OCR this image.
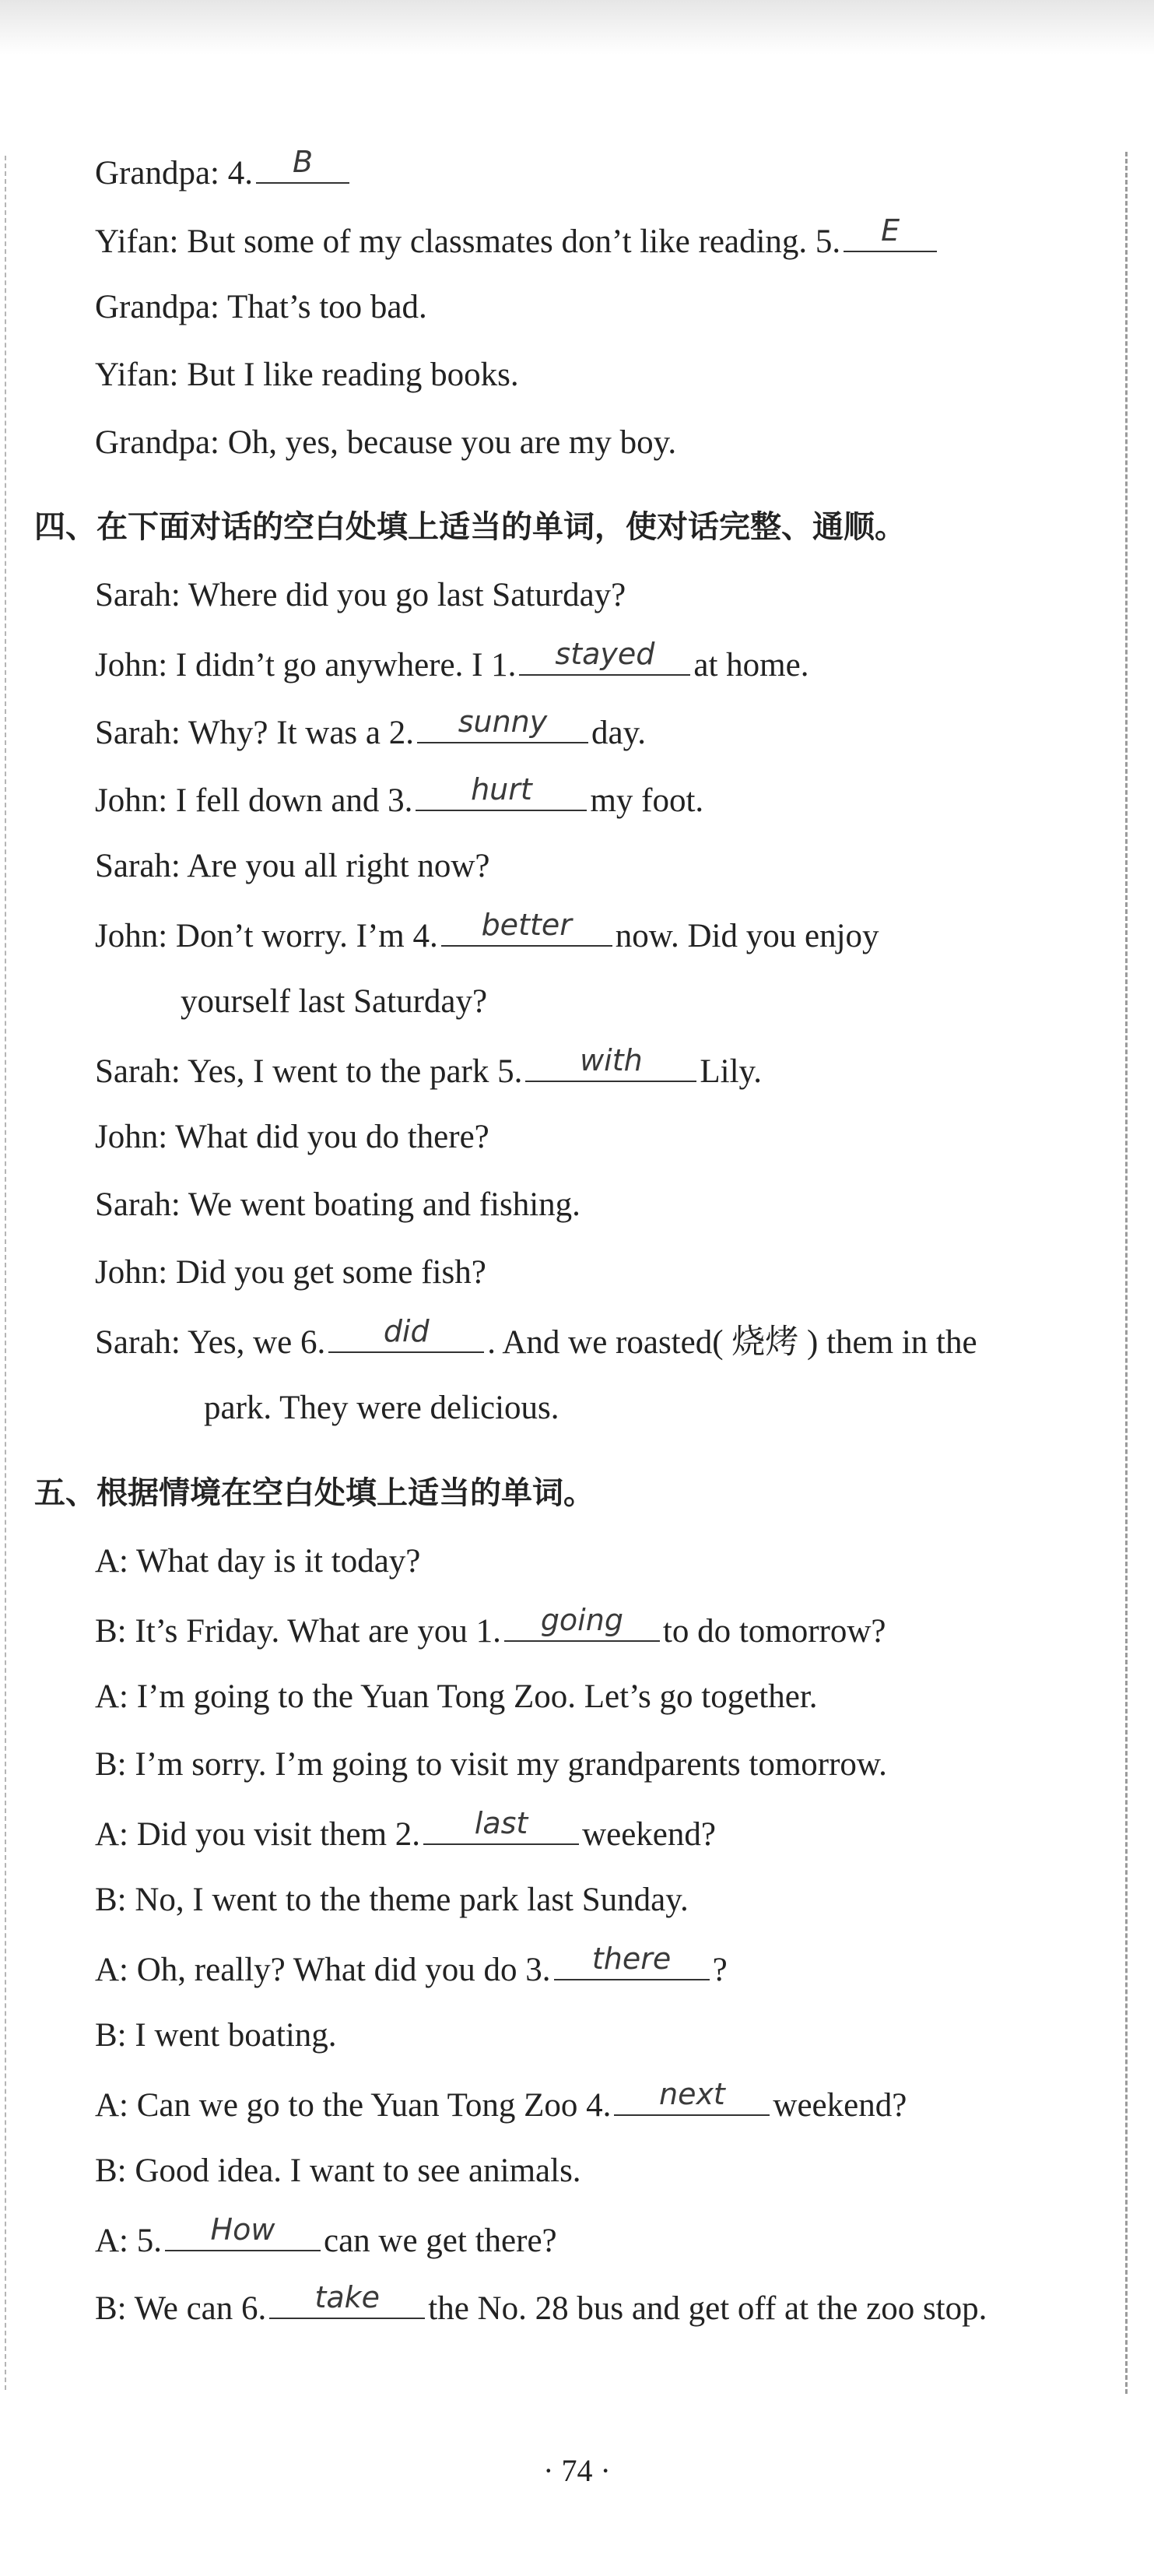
Grandpa: 4.	B
Yifan: But some of my classmates don’t like reading. 5.	E
Grandpa: That’s too bad.
Yifan: But I like reading books.
Grandpa: Oh, yes, because you are my boy.
四、在下面对话的空白处填上适当的单词，使对话完整、通顺。
Sarah: Where did you go last Saturday?
John: I didn’t go anywhere. I 1.	stayed	at home.
Sarah: Why? It was a 2.	sunny	day.
John: I fell down and 3.	hurt	my foot.
Sarah: Are you all right now?
John: Don’t worry. I’m 4.	better	now. Did you enjoy
yourself last Saturday?
Sarah: Yes, I went to the park 5.	with	Lily.
John: What did you do there?
Sarah: We went boating and fishing.
John: Did you get some fish?
Sarah: Yes, we 6.	did	. And we roasted( 烧烤 ) them in the
park. They were delicious.
五、根据情境在空白处填上适当的单词。
A: What day is it today?
B: It’s Friday. What are you 1.	going	to do tomorrow?
A: I’m going to the Yuan Tong Zoo. Let’s go together.
B: I’m sorry. I’m going to visit my grandparents tomorrow.
A: Did you visit them 2.	last	weekend?
B: No, I went to the theme park last Sunday.
A: Oh, really? What did you do 3.	there	?
B: I went boating.
A: Can we go to the Yuan Tong Zoo 4.	next	weekend?
B: Good idea. I want to see animals.
A: 5.	How	can we get there?
B: We can 6.	take	the No. 28 bus and get off at the zoo stop.
· 74 ·
